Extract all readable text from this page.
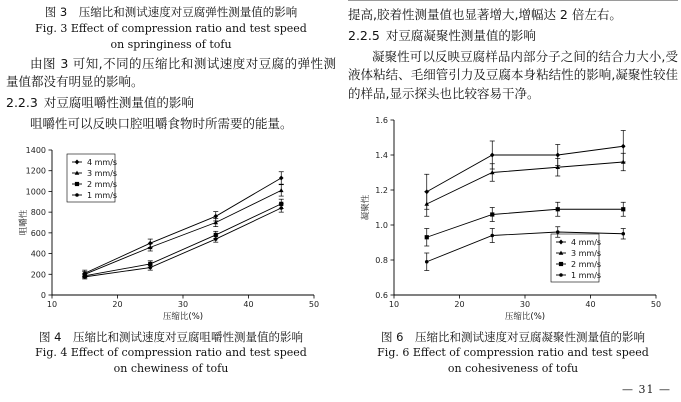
图 3　压缩比和测试速度对豆腐弹性测量值的影响
Fig. 3 Effect of compression ratio and test speed
on springiness of tofu

由图 3 可知,不同的压缩比和测试速度对豆腐的弹性测量值都没有明显的影响。

2.2.3 对豆腐咀嚼性测量值的影响

咀嚼性可以反映口腔咀嚼食物时所需要的能量。

10	20	30	40	50
0
200
400
600
800
1000
1200
1400
压缩比(%)
咀嚼性
4 mm/s
3 mm/s
2 mm/s
1 mm/s
图 4　压缩比和测试速度对豆腐咀嚼性测量值的影响
Fig. 4 Effect of compression ratio and test speed
on chewiness of tofu

提高,胶着性测量值也显著增大,增幅达 2 倍左右。

2.2.5 对豆腐凝聚性测量值的影响

凝聚性可以反映豆腐样品内部分子之间的结合力大小,受液体粘结、毛细管引力及豆腐本身粘结性的影响,凝聚性较佳的样品,显示探头也比较容易干净。

10	20	30	40	50
0.6
0.8
1.0
1.2
1.4
1.6
压缩比(%)
凝聚性
4 mm/s
3 mm/s
2 mm/s
1 mm/s
图 6　压缩比和测试速度对豆腐凝聚性测量值的影响
Fig. 6 Effect of compression ratio and test speed
on cohesiveness of tofu
— 31 —
